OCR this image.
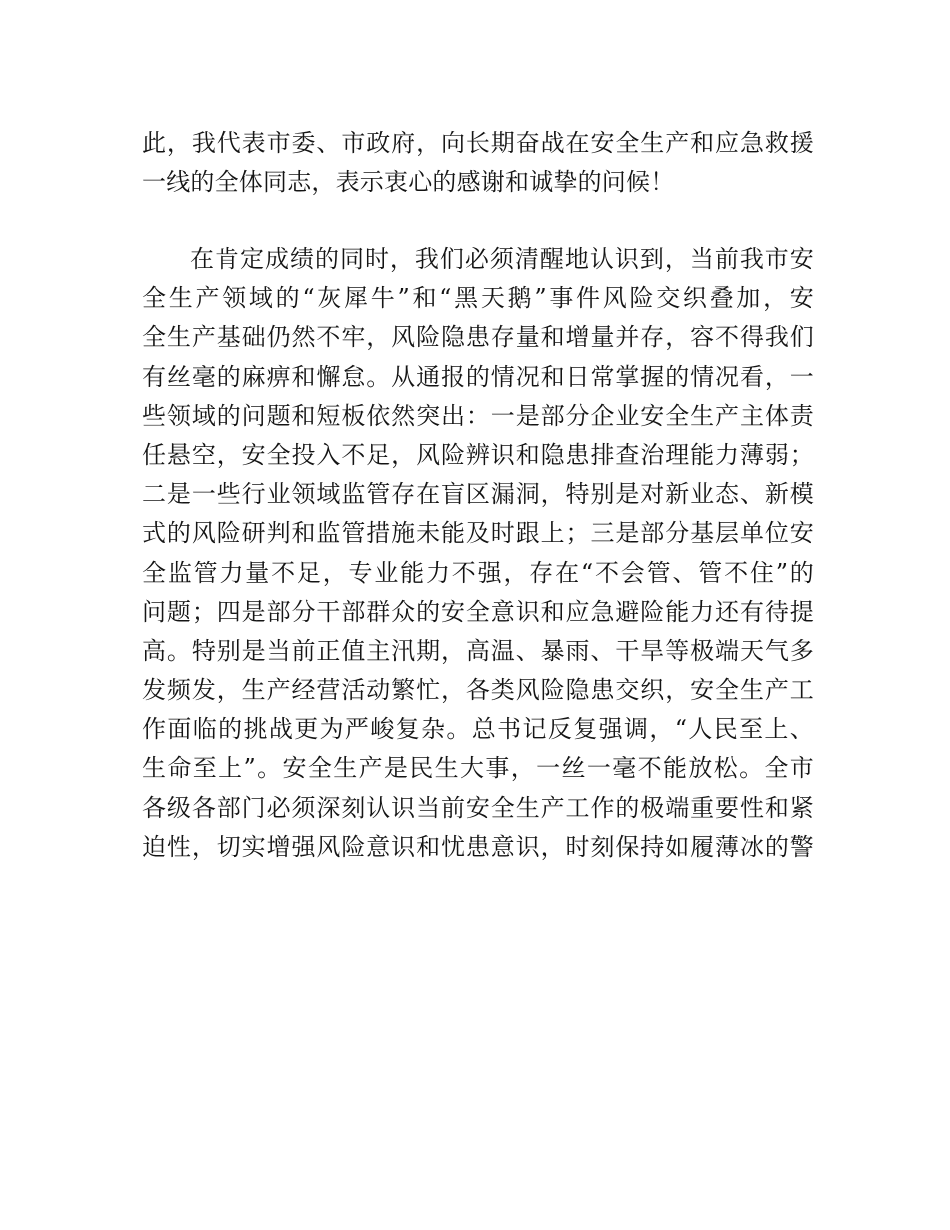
此，我代表市委、市政府，向长期奋战在安全生产和应急救援
一线的全体同志，表示衷心的感谢和诚挚的问候！
在肯定成绩的同时，我们必须清醒地认识到，当前我市安
全生产领域的“灰犀牛”和“黑天鹅”事件风险交织叠加，安
全生产基础仍然不牢，风险隐患存量和增量并存，容不得我们
有丝毫的麻痹和懈怠。从通报的情况和日常掌握的情况看，一
些领域的问题和短板依然突出：一是部分企业安全生产主体责
任悬空，安全投入不足，风险辨识和隐患排查治理能力薄弱；
二是一些行业领域监管存在盲区漏洞，特别是对新业态、新模
式的风险研判和监管措施未能及时跟上；三是部分基层单位安
全监管力量不足，专业能力不强，存在“不会管、管不住”的
问题；四是部分干部群众的安全意识和应急避险能力还有待提
高。特别是当前正值主汛期，高温、暴雨、干旱等极端天气多
发频发，生产经营活动繁忙，各类风险隐患交织，安全生产工
作面临的挑战更为严峻复杂。总书记反复强调，“人民至上、
生命至上”。安全生产是民生大事，一丝一毫不能放松。全市
各级各部门必须深刻认识当前安全生产工作的极端重要性和紧
迫性，切实增强风险意识和忧患意识，时刻保持如履薄冰的警
